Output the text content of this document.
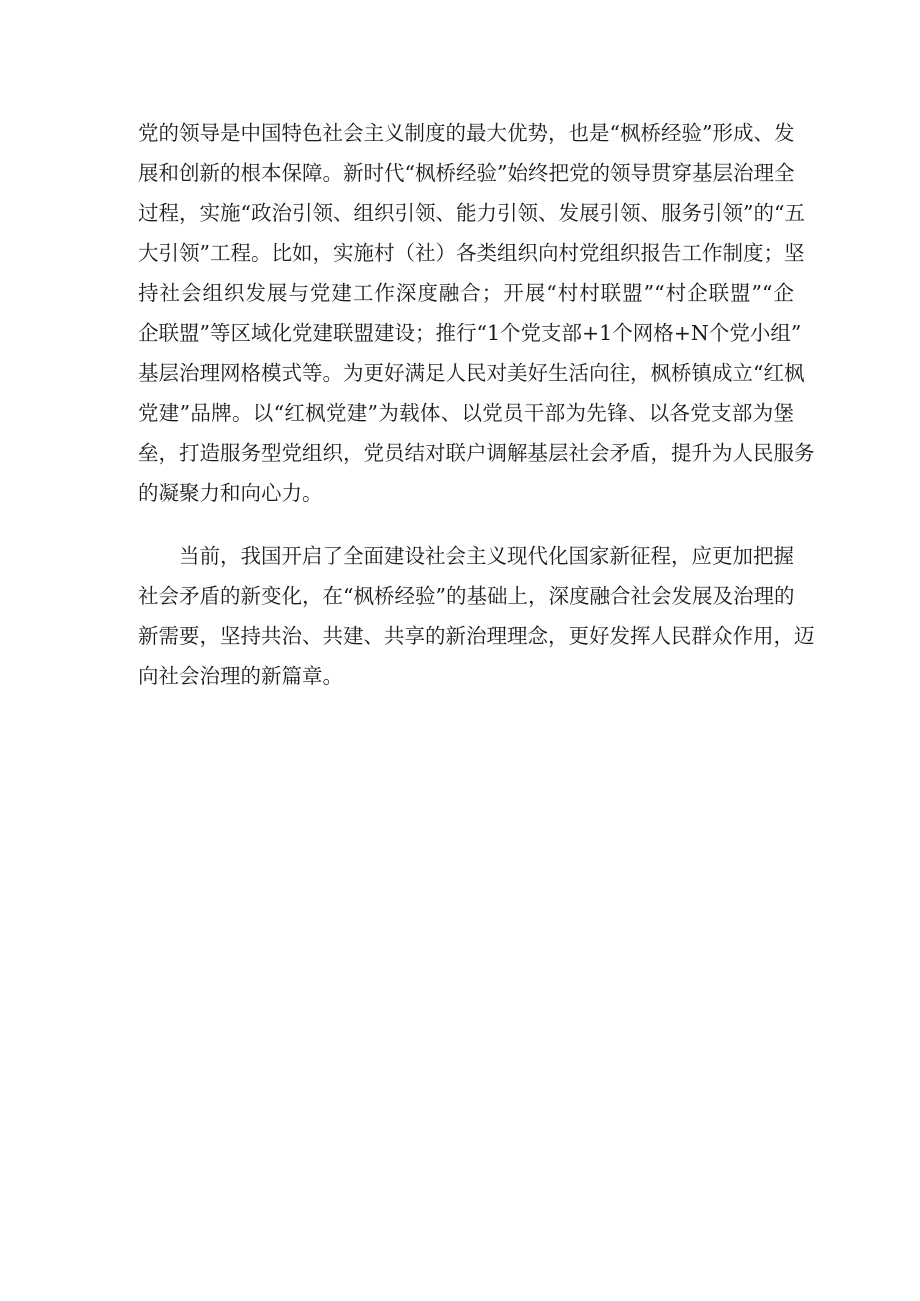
党的领导是中国特色社会主义制度的最大优势，也是“枫桥经验”形成、发
展和创新的根本保障。新时代“枫桥经验”始终把党的领导贯穿基层治理全
过程，实施“政治引领、组织引领、能力引领、发展引领、服务引领”的“五
大引领”工程。比如，实施村（社）各类组织向村党组织报告工作制度；坚
持社会组织发展与党建工作深度融合；开展“村村联盟”“村企联盟”“企
企联盟”等区域化党建联盟建设；推行“1个党支部+1个网格+N个党小组”
基层治理网格模式等。为更好满足人民对美好生活向往，枫桥镇成立“红枫
党建”品牌。以“红枫党建”为载体、以党员干部为先锋、以各党支部为堡
垒，打造服务型党组织，党员结对联户调解基层社会矛盾，提升为人民服务
的凝聚力和向心力。
当前，我国开启了全面建设社会主义现代化国家新征程，应更加把握
社会矛盾的新变化，在“枫桥经验”的基础上，深度融合社会发展及治理的
新需要，坚持共治、共建、共享的新治理理念，更好发挥人民群众作用，迈
向社会治理的新篇章。
